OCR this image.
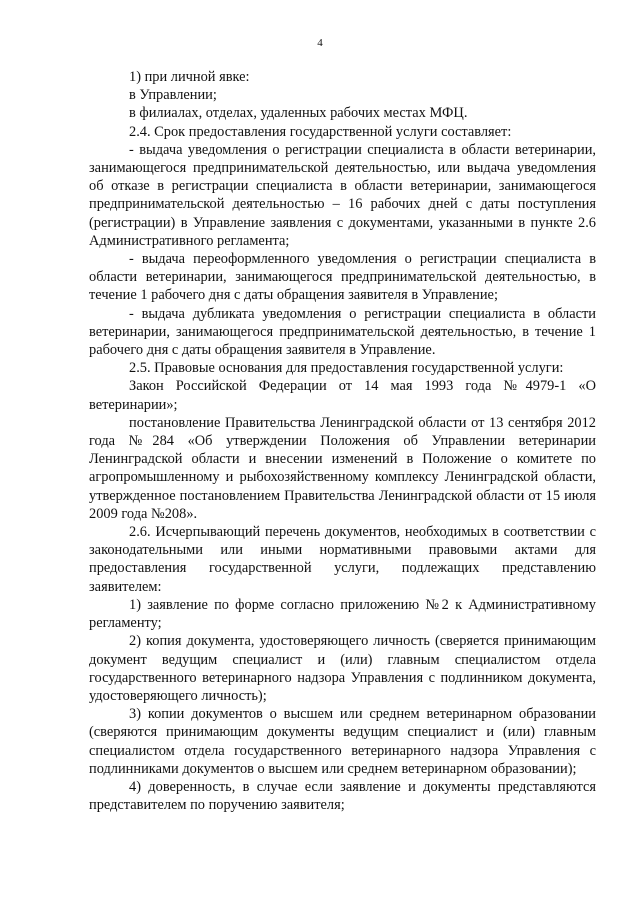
4

1) при личной явке:

в Управлении;

в филиалах, отделах, удаленных рабочих местах МФЦ.

2.4. Срок предоставления государственной услуги составляет:

- выдача уведомления о регистрации специалиста в области ветеринарии, занимающегося предпринимательской деятельностью, или выдача уведомления об отказе в регистрации специалиста в области ветеринарии, занимающегося предпринимательской деятельностью – 16 рабочих дней с даты поступления (регистрации) в Управление заявления с документами, указанными в пункте 2.6 Административного регламента;

- выдача переоформленного уведомления о регистрации специалиста в области ветеринарии, занимающегося предпринимательской деятельностью, в течение 1 рабочего дня с даты обращения заявителя в Управление;

- выдача дубликата уведомления о регистрации специалиста в области ветеринарии, занимающегося предпринимательской деятельностью, в течение 1 рабочего дня с даты обращения заявителя в Управление.

2.5. Правовые основания для предоставления государственной услуги:

Закон Российской Федерации от 14 мая 1993 года №4979-1 «О ветеринарии»;

постановление Правительства Ленинградской области от 13 сентября 2012 года №284 «Об утверждении Положения об Управлении ветеринарии Ленинградской области и внесении изменений в Положение о комитете по агропромышленному и рыбохозяйственному комплексу Ленинградской области, утвержденное постановлением Правительства Ленинградской области от 15 июля 2009 года №208».

2.6. Исчерпывающий перечень документов, необходимых в соответствии с законодательными или иными нормативными правовыми актами для предоставления государственной услуги, подлежащих представлению заявителем:

1) заявление по форме согласно приложению №2 к Административному регламенту;

2) копия документа, удостоверяющего личность (сверяется принимающим документ ведущим специалист и (или) главным специалистом отдела государственного ветеринарного надзора Управления с подлинником документа, удостоверяющего личность);

3) копии документов о высшем или среднем ветеринарном образовании (сверяются принимающим документы ведущим специалист и (или) главным специалистом отдела государственного ветеринарного надзора Управления с подлинниками документов о высшем или среднем ветеринарном образовании);

4) доверенность, в случае если заявление и документы представляются представителем по поручению заявителя;
